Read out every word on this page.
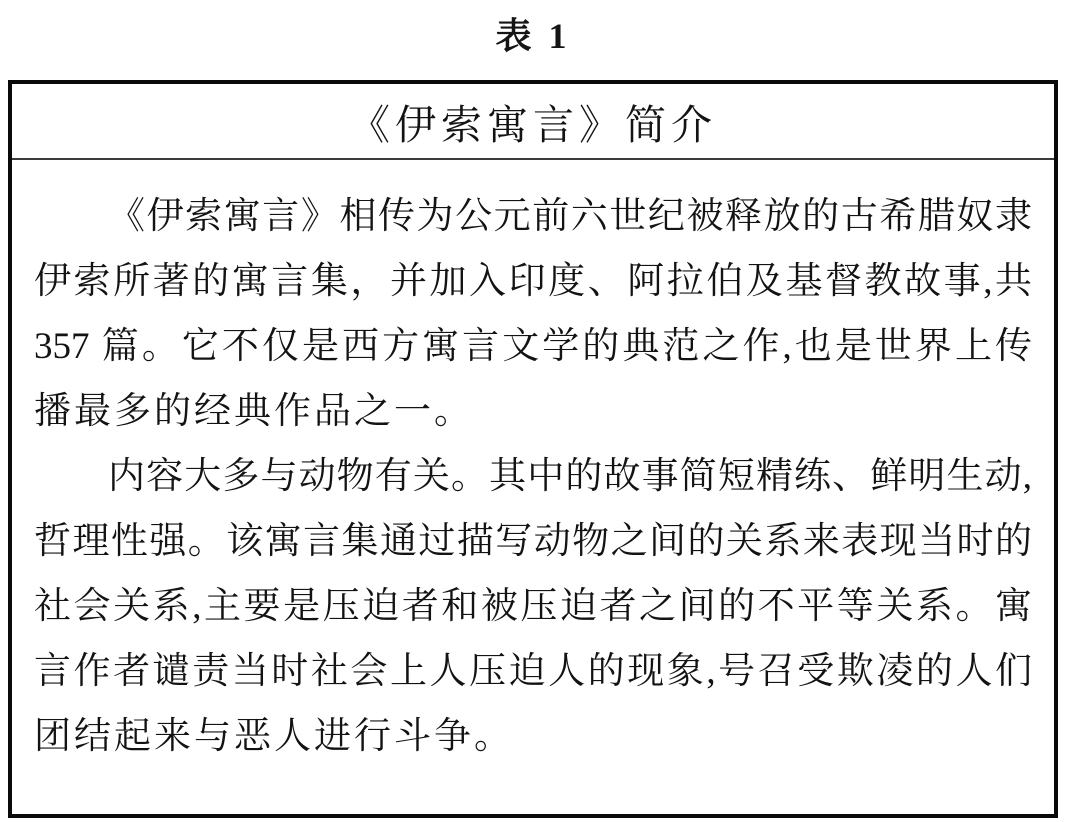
表 1
《伊索寓言》简介
《伊索寓言》相传为公元前六世纪被释放的古希腊奴隶
伊索所著的寓言集，并加入印度、阿拉伯及基督教故事,共
357 篇。它不仅是西方寓言文学的典范之作,也是世界上传
播最多的经典作品之一。
内容大多与动物有关。其中的故事简短精练、鲜明生动,
哲理性强。该寓言集通过描写动物之间的关系来表现当时的
社会关系,主要是压迫者和被压迫者之间的不平等关系。寓
言作者谴责当时社会上人压迫人的现象,号召受欺凌的人们
团结起来与恶人进行斗争。
